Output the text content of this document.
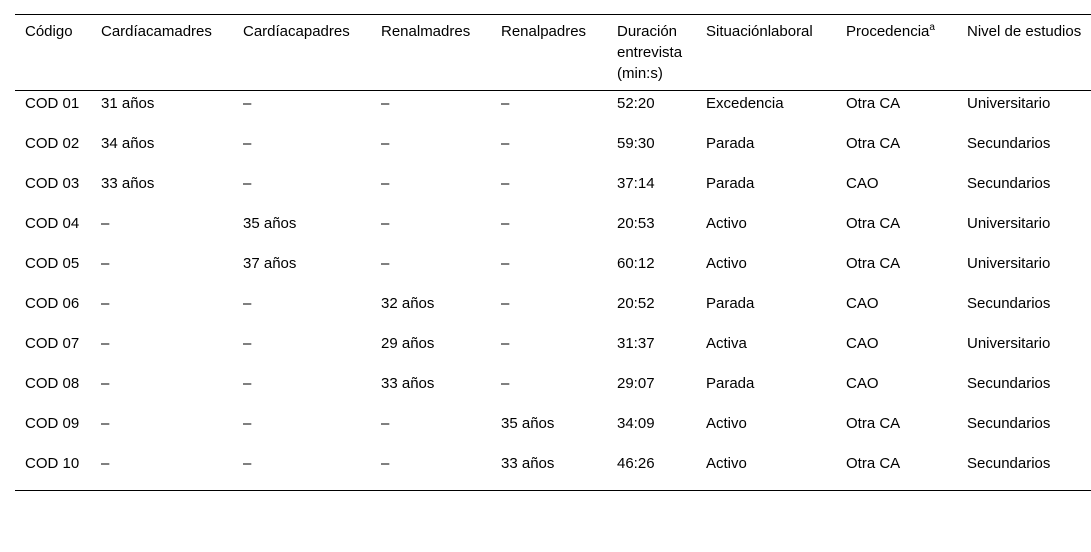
Código	Cardíacamadres	Cardíacapadres	Renalmadres	Renalpadres	Duración entrevista (min:s)	Situaciónlaboral	Procedencia$^a$	Nivel de estudios
COD 01	31 años	–	–	–	52:20	Excedencia	Otra CA	Universitario
COD 02	34 años	–	–	–	59:30	Parada	Otra CA	Secundarios
COD 03	33 años	–	–	–	37:14	Parada	CAO	Secundarios
COD 04	–	35 años	–	–	20:53	Activo	Otra CA	Universitario
COD 05	–	37 años	–	–	60:12	Activo	Otra CA	Universitario
COD 06	–	–	32 años	–	20:52	Parada	CAO	Secundarios
COD 07	–	–	29 años	–	31:37	Activa	CAO	Universitario
COD 08	–	–	33 años	–	29:07	Parada	CAO	Secundarios
COD 09	–	–	–	35 años	34:09	Activo	Otra CA	Secundarios
COD 10	–	–	–	33 años	46:26	Activo	Otra CA	Secundarios
